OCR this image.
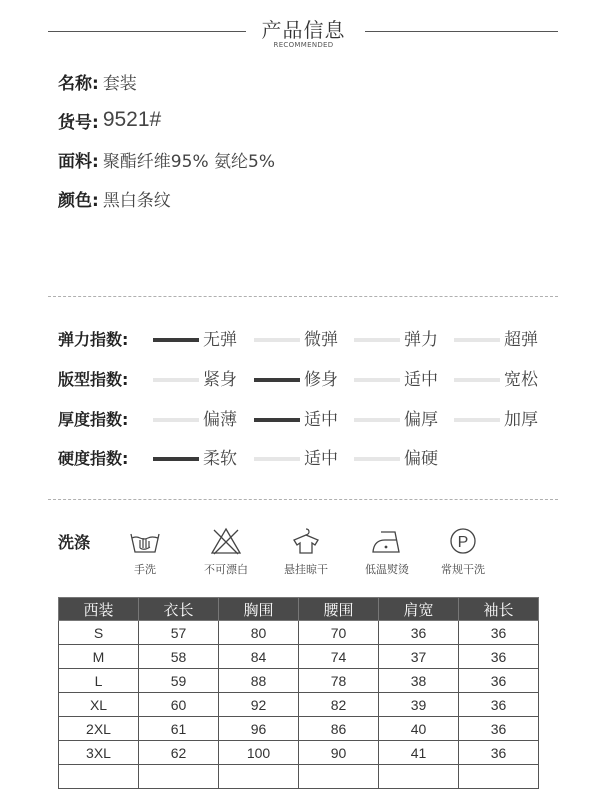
产品信息
RECOMMENDED
名称: 套装
货号: 9521#
面料: 聚酯纤维95% 氨纶5%
颜色: 黑白条纹
弹力指数:	无弹	微弹	弹力	超弹
版型指数:	紧身	修身	适中	宽松
厚度指数:	偏薄	适中	偏厚	加厚
硬度指数:	柔软	适中	偏硬
洗涤
手洗	不可漂白	悬挂晾干	低温熨烫
P
常规干洗
西装	衣长	胸围	腰围	肩宽	袖长
S	57	80	70	36	36
M	58	84	74	37	36
L	59	88	78	38	36
XL	60	92	82	39	36
2XL	61	96	86	40	36
3XL	62	100	90	41	36
